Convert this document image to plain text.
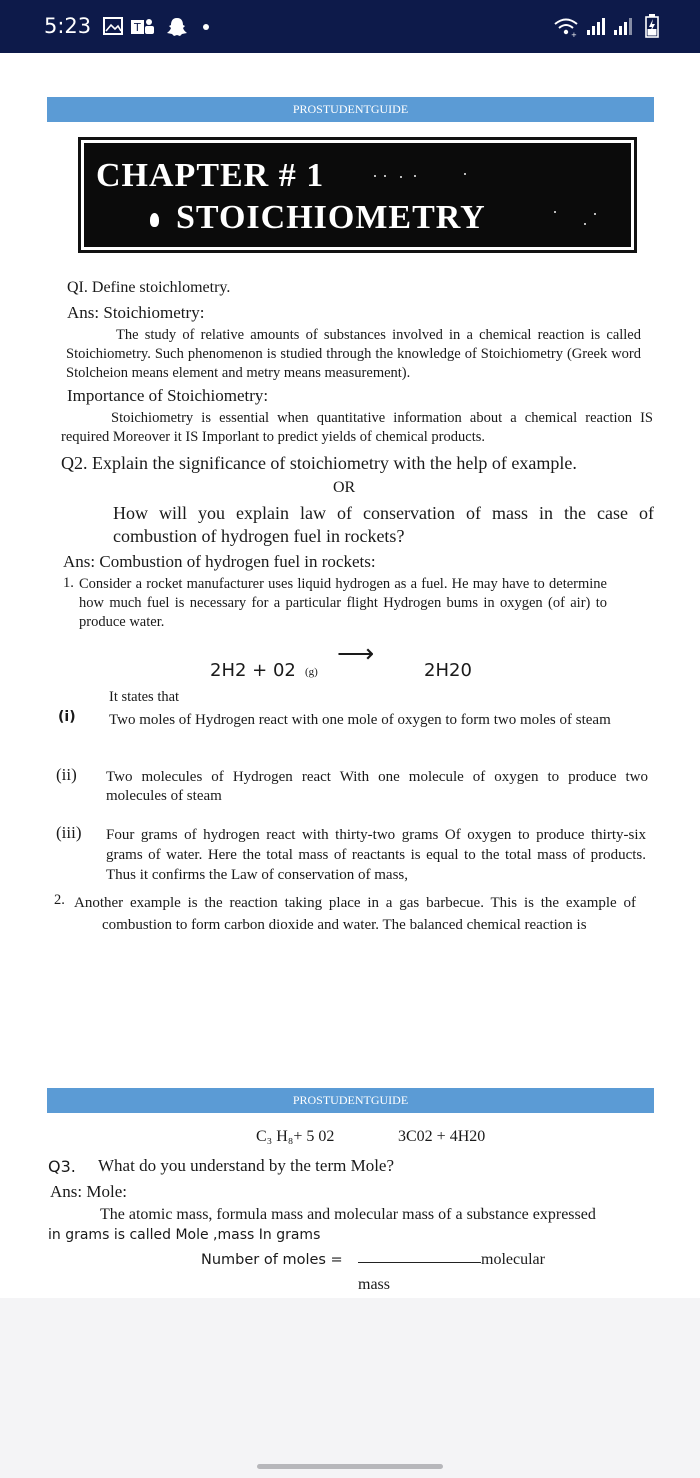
5:23	T
+
PROSTUDENTGUIDE
CHAPTER # 1
STOICHIOMETRY
QI. Define stoichlometry.
Ans: Stoichiometry:
The study of relative amounts of substances involved in a chemical reaction is called Stoichiometry. Such phenomenon is studied through the knowledge of Stoichiometry (Greek word Stolcheion means element and metry means measurement).
Importance of Stoichiometry:
Stoichiometry is essential when quantitative information about a chemical reaction IS required Moreover it IS Imporlant to predict yields of chemical products.
Q2. Explain the significance of stoichiometry with the help of example.
OR
How will you explain law of conservation of mass in the case of combustion of hydrogen fuel in rockets?
Ans: Combustion of hydrogen fuel in rockets:
1. Consider a rocket manufacturer uses liquid hydrogen as a fuel. He may have to determine how much fuel is necessary for a particular flight Hydrogen bums in oxygen (of air) to produce water.
2H2 + 02 (g)
⟶
2H20
It states that
(i) Two moles of Hydrogen react with one mole of oxygen to form two moles of steam
(ii) Two molecules of Hydrogen react With one molecule of oxygen to produce two molecules of steam
(iii) Four grams of hydrogen react with thirty-two grams Of oxygen to produce thirty-six grams of water. Here the total mass of reactants is equal to the total mass of products. Thus it confirms the Law of conservation of mass,
2. Another example is the reaction taking place in a gas barbecue. This is the example of combustion to form carbon dioxide and water. The balanced chemical reaction is
PROSTUDENTGUIDE
C₃ H₈+ 5 02	3C02 + 4H20
Q3. What do you understand by the term Mole?
Ans: Mole:
The atomic mass, formula mass and molecular mass of a substance expressed
in grams is called Mole ,mass In grams
Number of moles =	molecular
mass
